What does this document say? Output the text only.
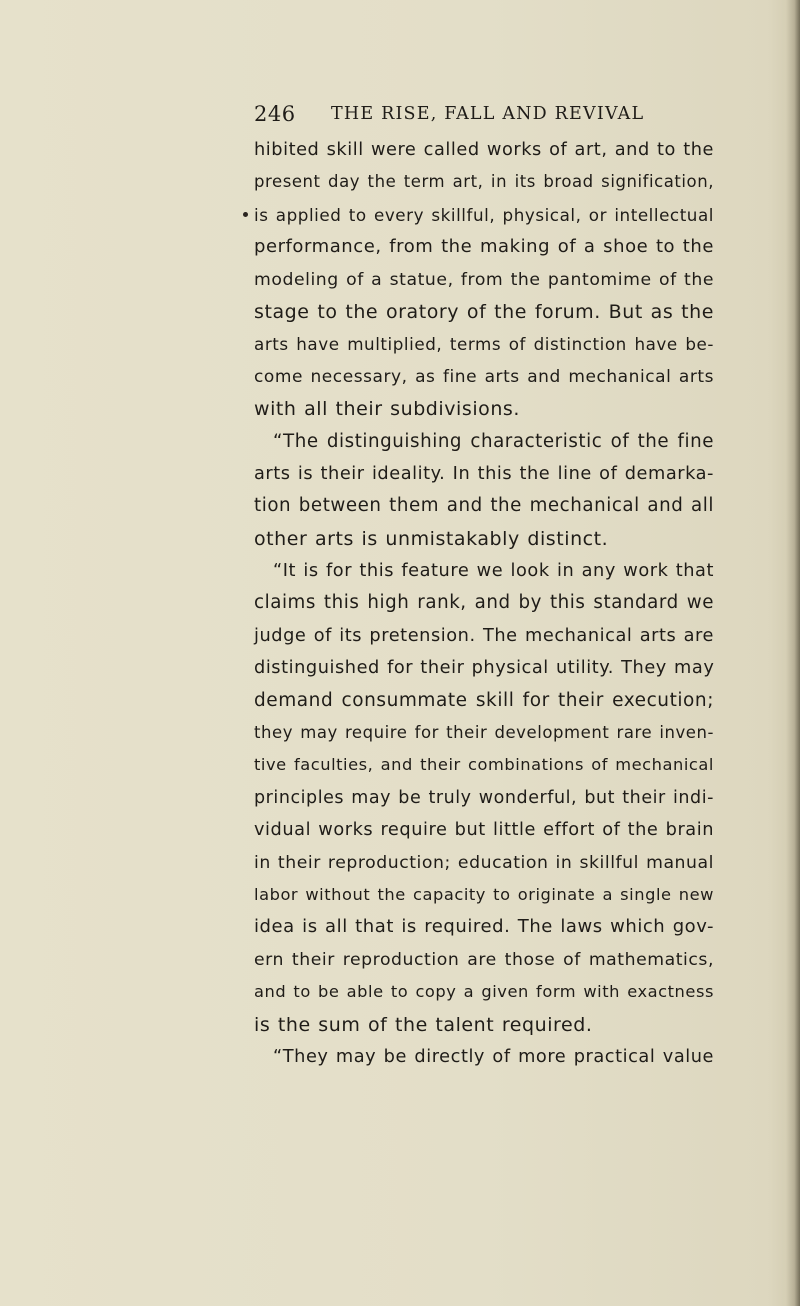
246 THE RISE, FALL AND REVIVAL
hibited skill were called works of art, and to the
present day the term art, in its broad signification,
is applied to every skillful, physical, or intellectual
performance, from the making of a shoe to the
modeling of a statue, from the pantomime of the
stage to the oratory of the forum. But as the
arts have multiplied, terms of distinction have be-
come necessary, as fine arts and mechanical arts
with all their subdivisions.
“The distinguishing characteristic of the fine
arts is their ideality. In this the line of demarka-
tion between them and the mechanical and all
other arts is unmistakably distinct.
“It is for this feature we look in any work that
claims this high rank, and by this standard we
judge of its pretension. The mechanical arts are
distinguished for their physical utility. They may
demand consummate skill for their execution;
they may require for their development rare inven-
tive faculties, and their combinations of mechanical
principles may be truly wonderful, but their indi-
vidual works require but little effort of the brain
in their reproduction; education in skillful manual
labor without the capacity to originate a single new
idea is all that is required. The laws which gov-
ern their reproduction are those of mathematics,
and to be able to copy a given form with exactness
is the sum of the talent required.
“They may be directly of more practical value
